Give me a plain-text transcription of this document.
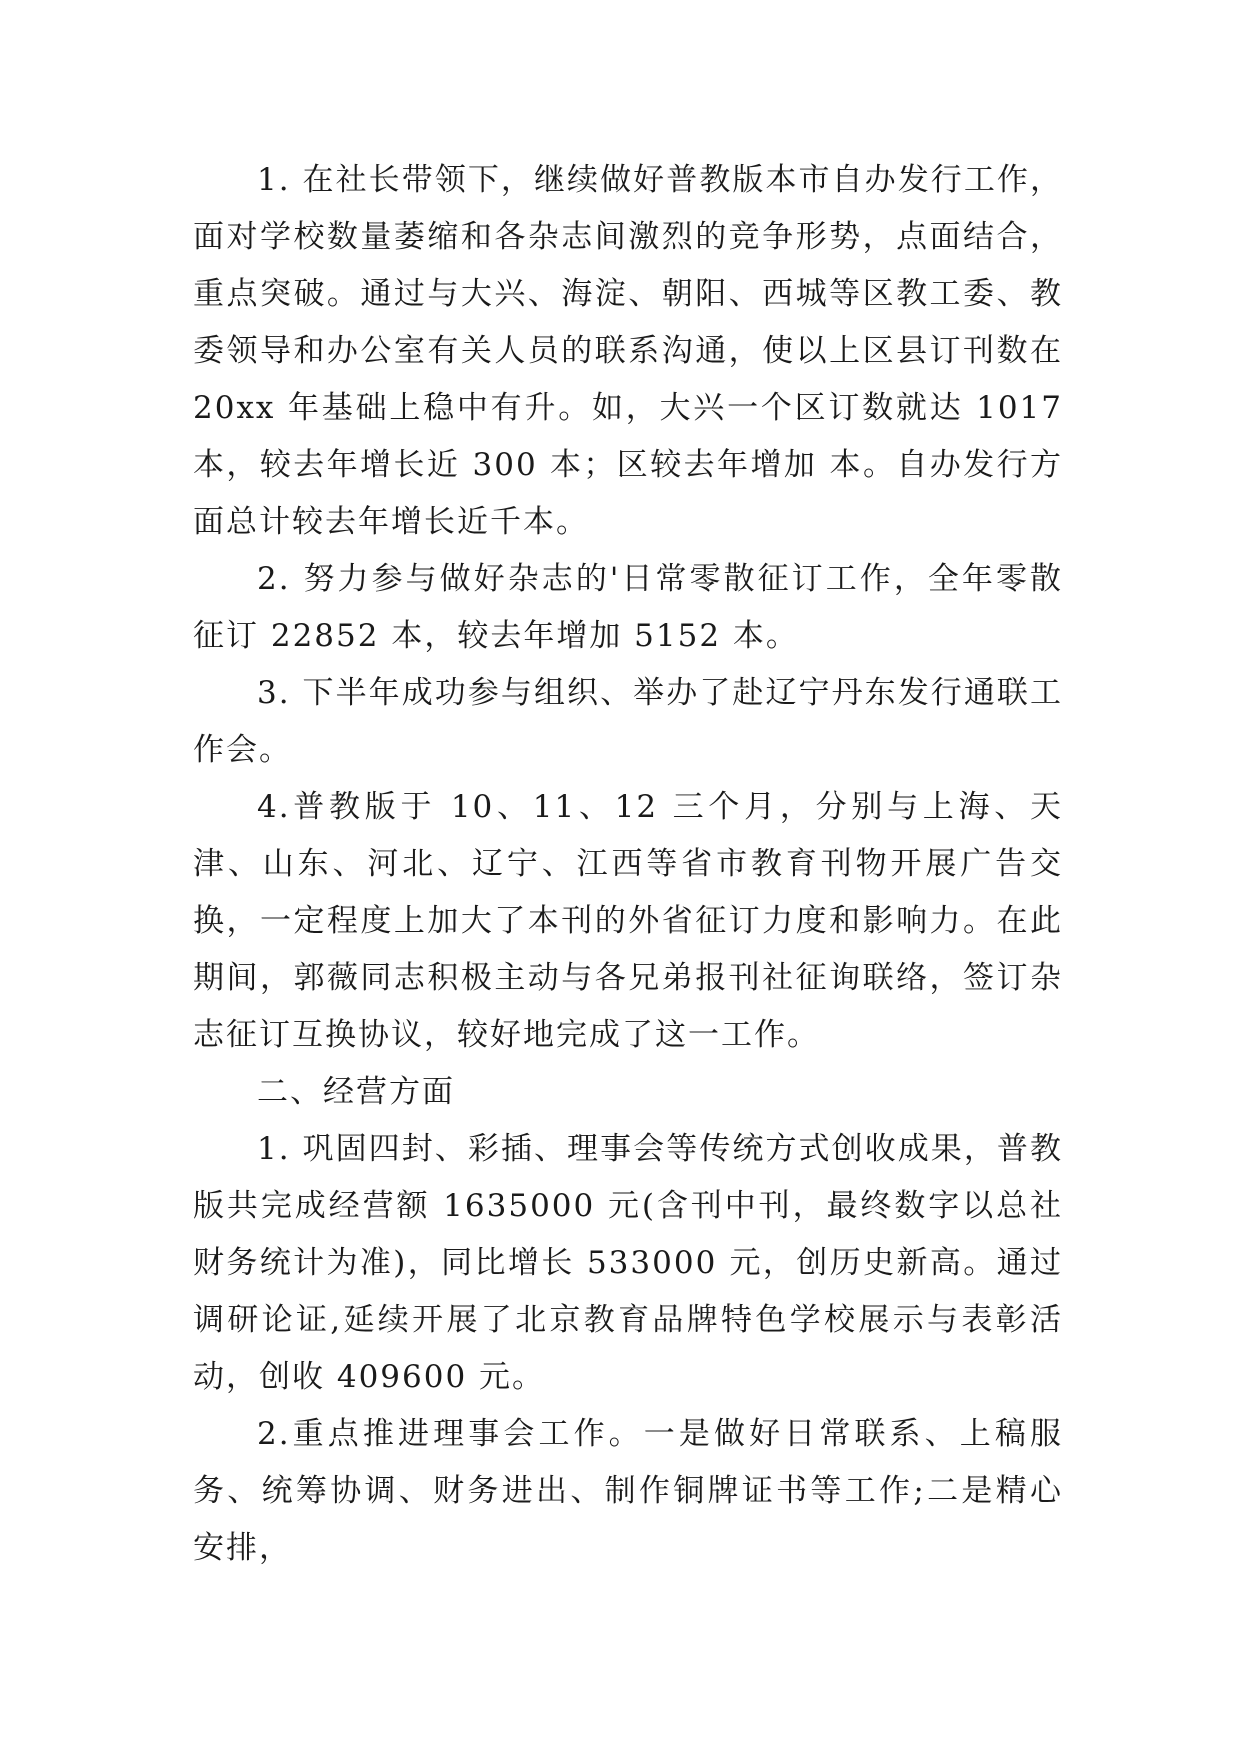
1. 在社长带领下，继续做好普教版本市自办发行工作，面对学校数量萎缩和各杂志间激烈的竞争形势，点面结合，重点突破。通过与大兴、海淀、朝阳、西城等区教工委、教委领导和办公室有关人员的联系沟通，使以上区县订刊数在20xx 年基础上稳中有升。如，大兴一个区订数就达 1017 本，较去年增长近 300 本；区较去年增加 本。自办发行方面总计较去年增长近千本。

2. 努力参与做好杂志的'日常零散征订工作，全年零散征订 22852 本，较去年增加 5152 本。

3. 下半年成功参与组织、举办了赴辽宁丹东发行通联工作会。

4.普教版于 10、11、12 三个月，分别与上海、天津、山东、河北、辽宁、江西等省市教育刊物开展广告交换，一定程度上加大了本刊的外省征订力度和影响力。在此期间，郭薇同志积极主动与各兄弟报刊社征询联络，签订杂志征订互换协议，较好地完成了这一工作。

二、经营方面

1. 巩固四封、彩插、理事会等传统方式创收成果，普教版共完成经营额 1635000 元(含刊中刊，最终数字以总社财务统计为准)，同比增长 533000 元，创历史新高。通过调研论证,延续开展了北京教育品牌特色学校展示与表彰活动，创收 409600 元。

2.重点推进理事会工作。一是做好日常联系、上稿服务、统筹协调、财务进出、制作铜牌证书等工作;二是精心安排，
